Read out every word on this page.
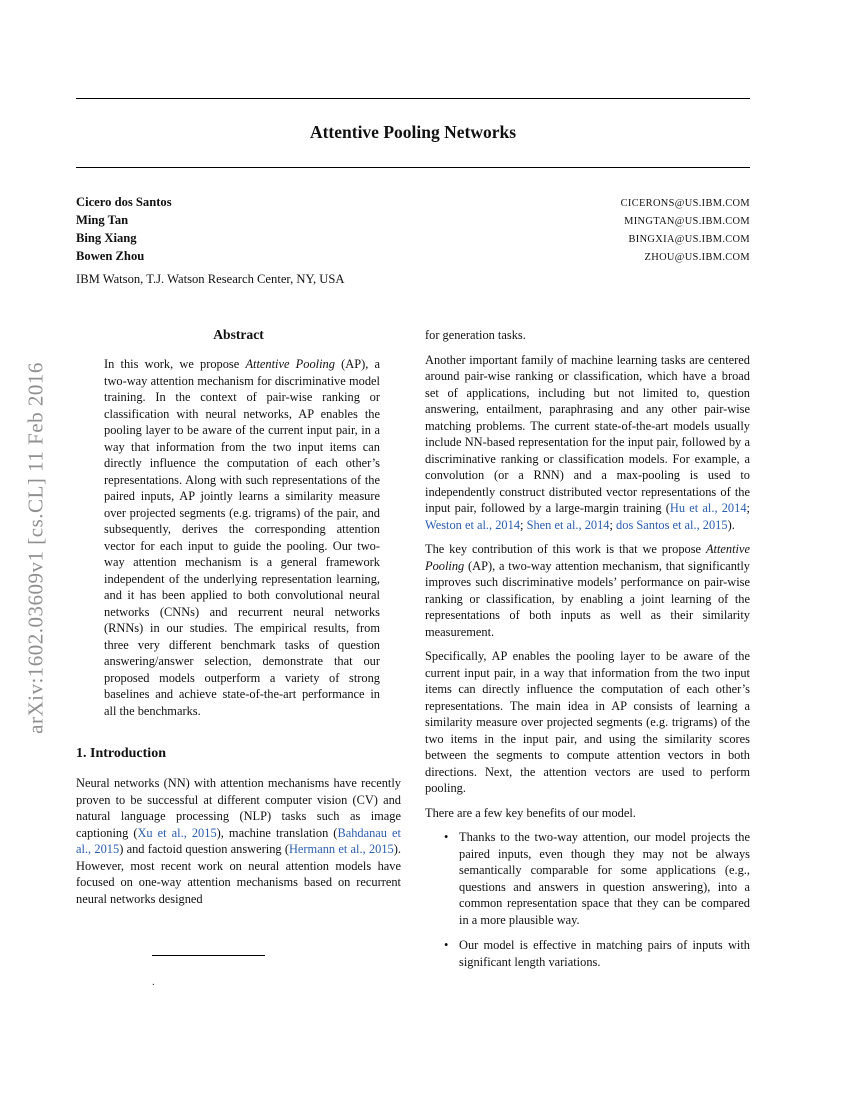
arXiv:1602.03609v1 [cs.CL] 11 Feb 2016
Attentive Pooling Networks
Cicero dos Santos	CICERONS@US.IBM.COM
Ming Tan	MINGTAN@US.IBM.COM
Bing Xiang	BINGXIA@US.IBM.COM
Bowen Zhou	ZHOU@US.IBM.COM
IBM Watson, T.J. Watson Research Center, NY, USA
Abstract
In this work, we propose Attentive Pooling (AP), a two-way attention mechanism for discriminative model training. In the context of pair-wise ranking or classification with neural networks, AP enables the pooling layer to be aware of the current input pair, in a way that information from the two input items can directly influence the computation of each other’s representations. Along with such representations of the paired inputs, AP jointly learns a similarity measure over projected segments (e.g. trigrams) of the pair, and subsequently, derives the corresponding attention vector for each input to guide the pooling. Our two-way attention mechanism is a general framework independent of the underlying representation learning, and it has been applied to both convolutional neural networks (CNNs) and recurrent neural networks (RNNs) in our studies. The empirical results, from three very different benchmark tasks of question answering/answer selection, demonstrate that our proposed models outperform a variety of strong baselines and achieve state-of-the-art performance in all the benchmarks.
1. Introduction
Neural networks (NN) with attention mechanisms have recently proven to be successful at different computer vision (CV) and natural language processing (NLP) tasks such as image captioning (Xu et al., 2015), machine translation (Bahdanau et al., 2015) and factoid question answering (Hermann et al., 2015). However, most recent work on neural attention models have focused on one-way attention mechanisms based on recurrent neural networks designed
for generation tasks.
Another important family of machine learning tasks are centered around pair-wise ranking or classification, which have a broad set of applications, including but not limited to, question answering, entailment, paraphrasing and any other pair-wise matching problems. The current state-of-the-art models usually include NN-based representation for the input pair, followed by a discriminative ranking or classification models. For example, a convolution (or a RNN) and a max-pooling is used to independently construct distributed vector representations of the input pair, followed by a large-margin training (Hu et al., 2014; Weston et al., 2014; Shen et al., 2014; dos Santos et al., 2015).
The key contribution of this work is that we propose Attentive Pooling (AP), a two-way attention mechanism, that significantly improves such discriminative models’ performance on pair-wise ranking or classification, by enabling a joint learning of the representations of both inputs as well as their similarity measurement.
Specifically, AP enables the pooling layer to be aware of the current input pair, in a way that information from the two input items can directly influence the computation of each other’s representations. The main idea in AP consists of learning a similarity measure over projected segments (e.g. trigrams) of the two items in the input pair, and using the similarity scores between the segments to compute attention vectors in both directions. Next, the attention vectors are used to perform pooling.
There are a few key benefits of our model.
• Thanks to the two-way attention, our model projects the paired inputs, even though they may not be always semantically comparable for some applications (e.g., questions and answers in question answering), into a common representation space that they can be compared in a more plausible way.
• Our model is effective in matching pairs of inputs with significant length variations.
.
